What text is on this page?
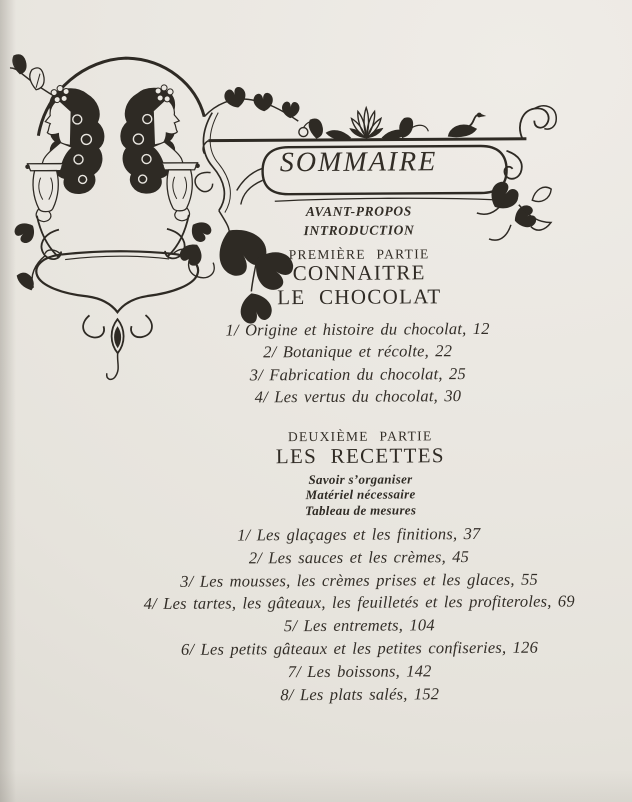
SOMMAIRE
AVANT-PROPOS
INTRODUCTION
PREMIÈRE PARTIE
CONNAITRE
LE CHOCOLAT
1/ Origine et histoire du chocolat, 12
2/ Botanique et récolte, 22
3/ Fabrication du chocolat, 25
4/ Les vertus du chocolat, 30
DEUXIÈME PARTIE
LES RECETTES
Savoir s’organiser
Matériel nécessaire
Tableau de mesures
1/ Les glaçages et les finitions, 37
2/ Les sauces et les crèmes, 45
3/ Les mousses, les crèmes prises et les glaces, 55
4/ Les tartes, les gâteaux, les feuilletés et les profiteroles, 69
5/ Les entremets, 104
6/ Les petits gâteaux et les petites confiseries, 126
7/ Les boissons, 142
8/ Les plats salés, 152
